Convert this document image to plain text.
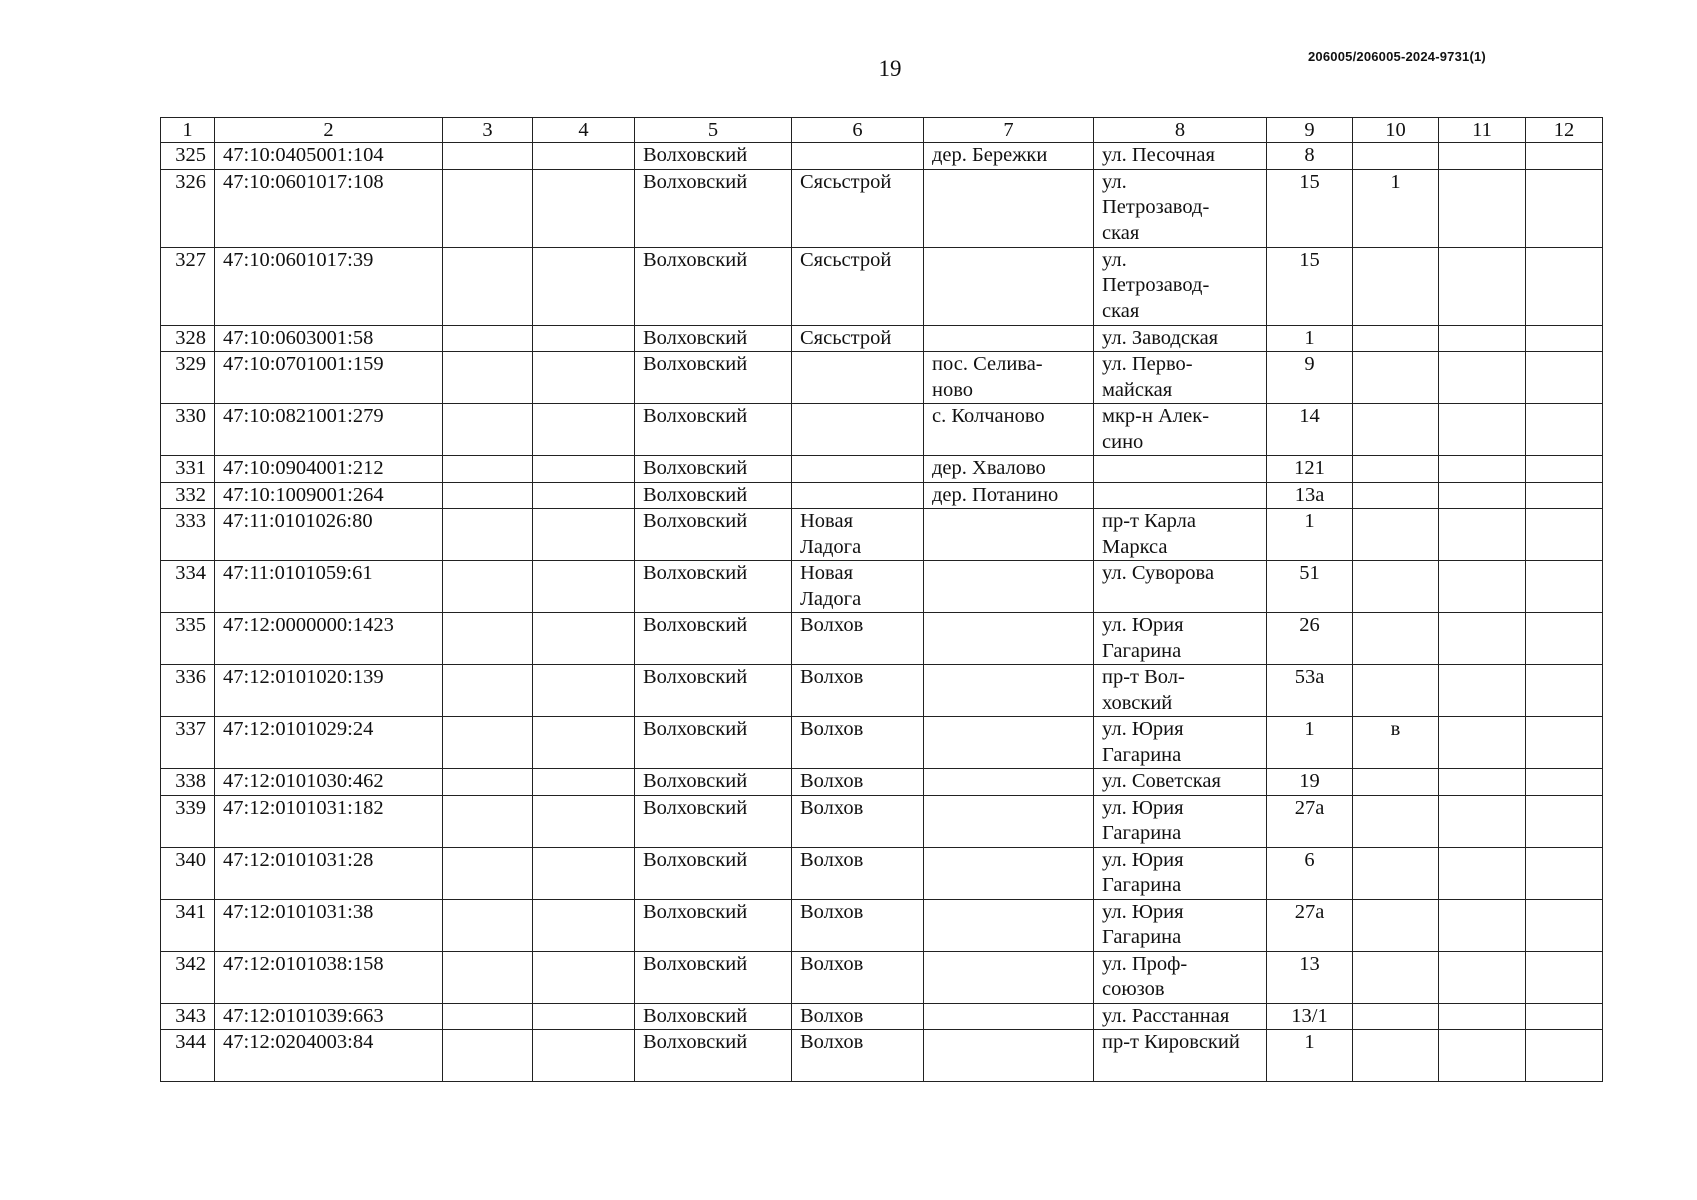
19	206005/206005-2024-9731(1)
1	2	3	4	5	6	7	8	9	10	11	12
325	47:10:0405001:104			Волховский		дер. Бережки	ул. Песочная	8			
326	47:10:0601017:108			Волховский	Сясьстрой		ул.
Петрозавод-
ская	15	1		
327	47:10:0601017:39			Волховский	Сясьстрой		ул.
Петрозавод-
ская	15			
328	47:10:0603001:58			Волховский	Сясьстрой		ул. Заводская	1			
329	47:10:0701001:159			Волховский		пос. Селива-
ново	ул. Перво-
майская	9			
330	47:10:0821001:279			Волховский		с. Колчаново	мкр-н Алек-
сино	14			
331	47:10:0904001:212			Волховский		дер. Хвалово		121			
332	47:10:1009001:264			Волховский		дер. Потанино		13а			
333	47:11:0101026:80			Волховский	Новая
Ладога		пр-т Карла
Маркса	1			
334	47:11:0101059:61			Волховский	Новая
Ладога		ул. Суворова	51			
335	47:12:0000000:1423			Волховский	Волхов		ул. Юрия
Гагарина	26			
336	47:12:0101020:139			Волховский	Волхов		пр-т Вол-
ховский	53а			
337	47:12:0101029:24			Волховский	Волхов		ул. Юрия
Гагарина	1	в		
338	47:12:0101030:462			Волховский	Волхов		ул. Советская	19			
339	47:12:0101031:182			Волховский	Волхов		ул. Юрия
Гагарина	27а			
340	47:12:0101031:28			Волховский	Волхов		ул. Юрия
Гагарина	6			
341	47:12:0101031:38			Волховский	Волхов		ул. Юрия
Гагарина	27а			
342	47:12:0101038:158			Волховский	Волхов		ул. Проф-
союзов	13			
343	47:12:0101039:663			Волховский	Волхов		ул. Расстанная	13/1			
344	47:12:0204003:84			Волховский	Волхов		пр-т Кировский	1			
